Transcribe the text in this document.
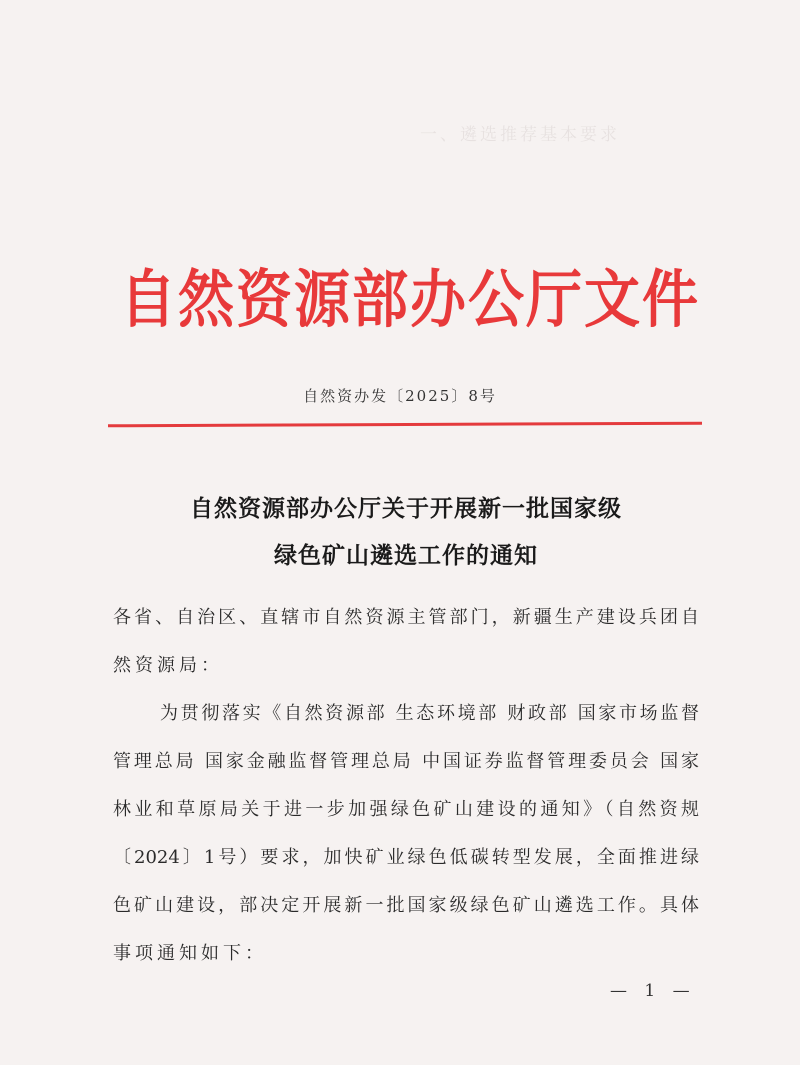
一、遴选推荐基本要求
自然资源部办公厅文件
自然资办发〔2025〕8号
自然资源部办公厅关于开展新一批国家级
绿色矿山遴选工作的通知
各省、自治区、直辖市自然资源主管部门，新疆生产建设兵团自
然资源局：
为贯彻落实《自然资源部 生态环境部 财政部 国家市场监督
管理总局 国家金融监督管理总局 中国证券监督管理委员会 国家
林业和草原局关于进一步加强绿色矿山建设的通知》（自然资规
〔2024〕1号）要求，加快矿业绿色低碳转型发展，全面推进绿
色矿山建设，部决定开展新一批国家级绿色矿山遴选工作。具体
事项通知如下：
— 1 —
